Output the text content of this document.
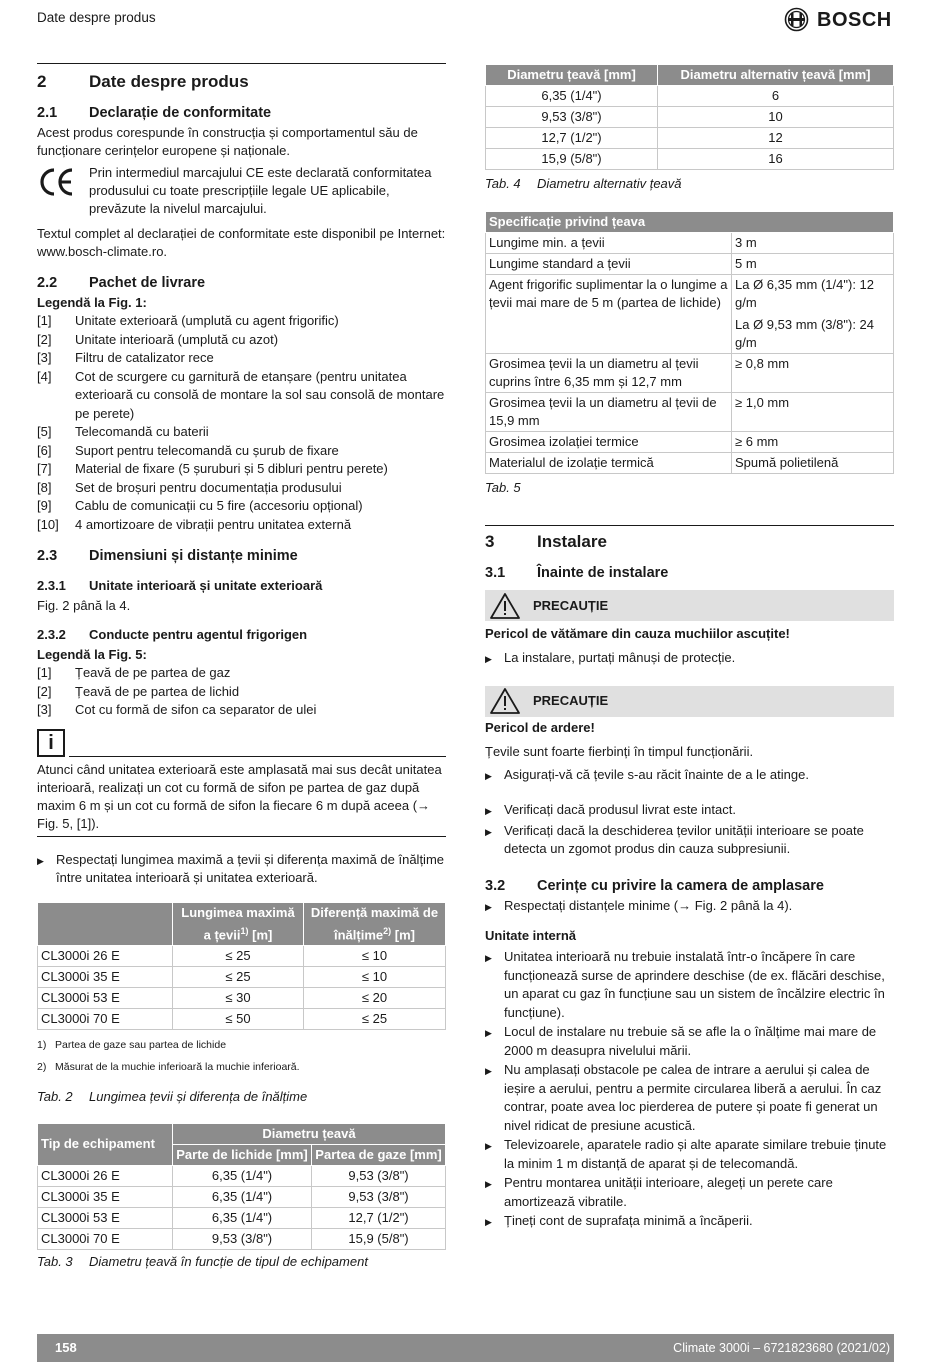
Date despre produs	BOSCH
2	Date despre produs
2.1	Declarație de conformitate
Acest produs corespunde în construcția și comportamentul său de funcționare cerințelor europene și naționale.
Prin intermediul marcajului CE este declarată conformitatea produsului cu toate prescripțiile legale UE aplicabile, prevăzute la nivelul marcajului.
Textul complet al declarației de conformitate este disponibil pe Internet: www.bosch-climate.ro.
2.2	Pachet de livrare
Legendă la Fig. 1:
[1]	Unitate exterioară (umplută cu agent frigorific)
[2]	Unitate interioară (umplută cu azot)
[3]	Filtru de catalizator rece
[4]	Cot de scurgere cu garnitură de etanșare (pentru unitatea exterioară cu consolă de montare la sol sau consolă de montare pe perete)
[5]	Telecomandă cu baterii
[6]	Suport pentru telecomandă cu șurub de fixare
[7]	Material de fixare (5 șuruburi și 5 dibluri pentru perete)
[8]	Set de broșuri pentru documentația produsului
[9]	Cablu de comunicații cu 5 fire (accesoriu opțional)
[10]	4 amortizoare de vibrații pentru unitatea externă
2.3	Dimensiuni și distanțe minime
2.3.1	Unitate interioară și unitate exterioară
Fig. 2 până la 4.
2.3.2	Conducte pentru agentul frigorigen
Legendă la Fig. 5:
[1]	Țeavă de pe partea de gaz
[2]	Țeavă de pe partea de lichid
[3]	Cot cu formă de sifon ca separator de ulei
i
Atunci când unitatea exterioară este amplasată mai sus decât unitatea interioară, realizați un cot cu formă de sifon pe partea de gaz după maxim 6 m și un cot cu formă de sifon la fiecare 6 m după aceea (→ Fig. 5, [1]).
▶ Respectați lungimea maximă a țevii și diferența maximă de înălțime între unitatea interioară și unitatea exterioară.
	Lungimea maximă a țevii$^{1)}$ [m]	Diferență maximă de înălțime$^{2)}$ [m]
CL3000i 26 E	≤ 25	≤ 10
CL3000i 35 E	≤ 25	≤ 10
CL3000i 53 E	≤ 30	≤ 20
CL3000i 70 E	≤ 50	≤ 25
1) Partea de gaze sau partea de lichide
2) Măsurat de la muchie inferioară la muchie inferioară.
Tab. 2	Lungimea țevii și diferența de înălțime
Tip de echipament	Diametru țeavă	
	Parte de lichide [mm]	Partea de gaze [mm]
CL3000i 26 E	6,35 (1/4")	9,53 (3/8")
CL3000i 35 E	6,35 (1/4")	9,53 (3/8")
CL3000i 53 E	6,35 (1/4")	12,7 (1/2")
CL3000i 70 E	9,53 (3/8")	15,9 (5/8")
Tab. 3	Diametru țeavă în funcție de tipul de echipament
Diametru țeavă [mm]	Diametru alternativ țeavă [mm]
6,35 (1/4")	6
9,53 (3/8")	10
12,7 (1/2")	12
15,9 (5/8")	16
Tab. 4	Diametru alternativ țeavă
Specificație privind țeava	
Lungime min. a țevii	3 m

Lungime standard a țevii	5 m

Agent frigorific suplimentar la o lungime a țevii mai mare de 5 m (partea de lichide)	La Ø 6,35 mm (1/4"): 12 g/m
La Ø 9,53 mm (3/8"): 24 g/m

Grosimea țevii la un diametru al țevii cuprins între 6,35 mm și 12,7 mm	≥ 0,8 mm

Grosimea țevii la un diametru al țevii de 15,9 mm	≥ 1,0 mm

Grosimea izolației termice	≥ 6 mm

Materialul de izolație termică	Spumă polietilenă
Tab. 5
3	Instalare
3.1	Înainte de instalare
PRECAUȚIE
Pericol de vătămare din cauza muchiilor ascuțite!
▶ La instalare, purtați mânuși de protecție.
PRECAUȚIE
Pericol de ardere!
Țevile sunt foarte fierbinți în timpul funcționării.
▶ Asigurați-vă că țevile s-au răcit înainte de a le atinge.
▶ Verificați dacă produsul livrat este intact.
▶ Verificați dacă la deschiderea țevilor unității interioare se poate detecta un zgomot produs din cauza subpresiunii.
3.2	Cerințe cu privire la camera de amplasare
▶ Respectați distanțele minime (→ Fig. 2 până la 4).
Unitate internă
▶ Unitatea interioară nu trebuie instalată într-o încăpere în care funcționează surse de aprindere deschise (de ex. flăcări deschise, un aparat cu gaz în funcțiune sau un sistem de încălzire electric în funcțiune).
▶ Locul de instalare nu trebuie să se afle la o înălțime mai mare de 2000 m deasupra nivelului mării.
▶ Nu amplasați obstacole pe calea de intrare a aerului și calea de ieșire a aerului, pentru a permite circularea liberă a aerului. În caz contrar, poate avea loc pierderea de putere și poate fi generat un nivel ridicat de presiune acustică.
▶ Televizoarele, aparatele radio și alte aparate similare trebuie ținute la minim 1 m distanță de aparat și de telecomandă.
▶ Pentru montarea unității interioare, alegeți un perete care amortizează vibratile.
▶ Țineți cont de suprafața minimă a încăperii.
158	Climate 3000i – 6721823680 (2021/02)
